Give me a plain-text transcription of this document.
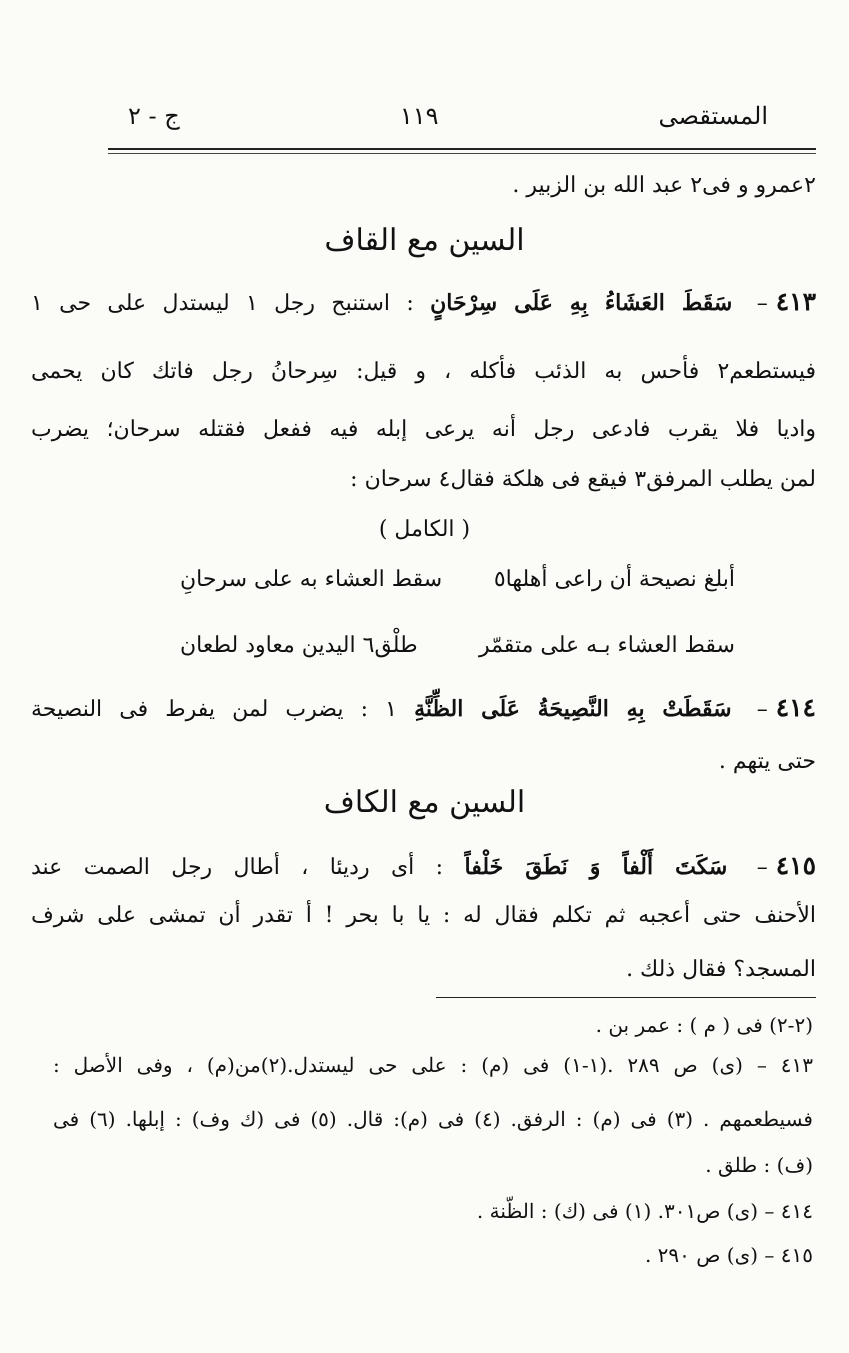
المستقصى
١١٩
ج - ٢
۲عمرو و فی۲ عبد الله بن الزبير .
السين مع القاف
٤١٣– سَقَطَ العَشَاءُ بِهِ عَلَى سِرْحَانٍ : استنبح رجل ١ ليستدل على حى ١
فيستطعم٢ فأحس به الذئب فأكله ، و قيل: سِرحانُ رجل فاتك كان يحمى
واديا فلا يقرب فادعى رجل أنه يرعى إبله فيه ففعل فقتله سرحان؛ يضرب
لمن يطلب المرفق٣ فيقع فى هلكة فقال٤ سرحان :
( الكامل )
أبلغ نصيحة أن راعى أهلها٥
سقط العشاء به على سرحانِ
سقط العشاء بـه على متقمّر
طلْق٦ اليدين معاود لطعان
٤١٤– سَقَطَتْ بِهِ النَّصِيحَةُ عَلَى الظِّنَّةِ ١ : يضرب لمن يفرط فى النصيحة
حتى يتهم .
السين مع الكاف
٤١٥– سَكَتَ أَلْفاً وَ نَطَقَ خَلْفاً : أى رديئا ، أطال رجل الصمت عند
الأحنف حتى أعجبه ثم تكلم فقال له : يا با بحر ! أ تقدر أن تمشى على شرف
المسجد؟ فقال ذلك .
(٢-٢) فى ( م ) : عمر بن .
٤١٣ – (ى) ص ٢٨٩ .(١-١) فى (م) : على حى ليستدل.(٢)من(م) ، وفى الأصل :
فسيطعمهم . (٣) فى (م) : الرفق. (٤) فى (م): قال. (٥) فى (ك وف) : إبلها. (٦) فى
(ف) : طلق .
٤١٤ – (ى) ص٣٠١. (١) فى (ك) : الظّنة .
٤١٥ – (ى) ص ٢٩٠ .
